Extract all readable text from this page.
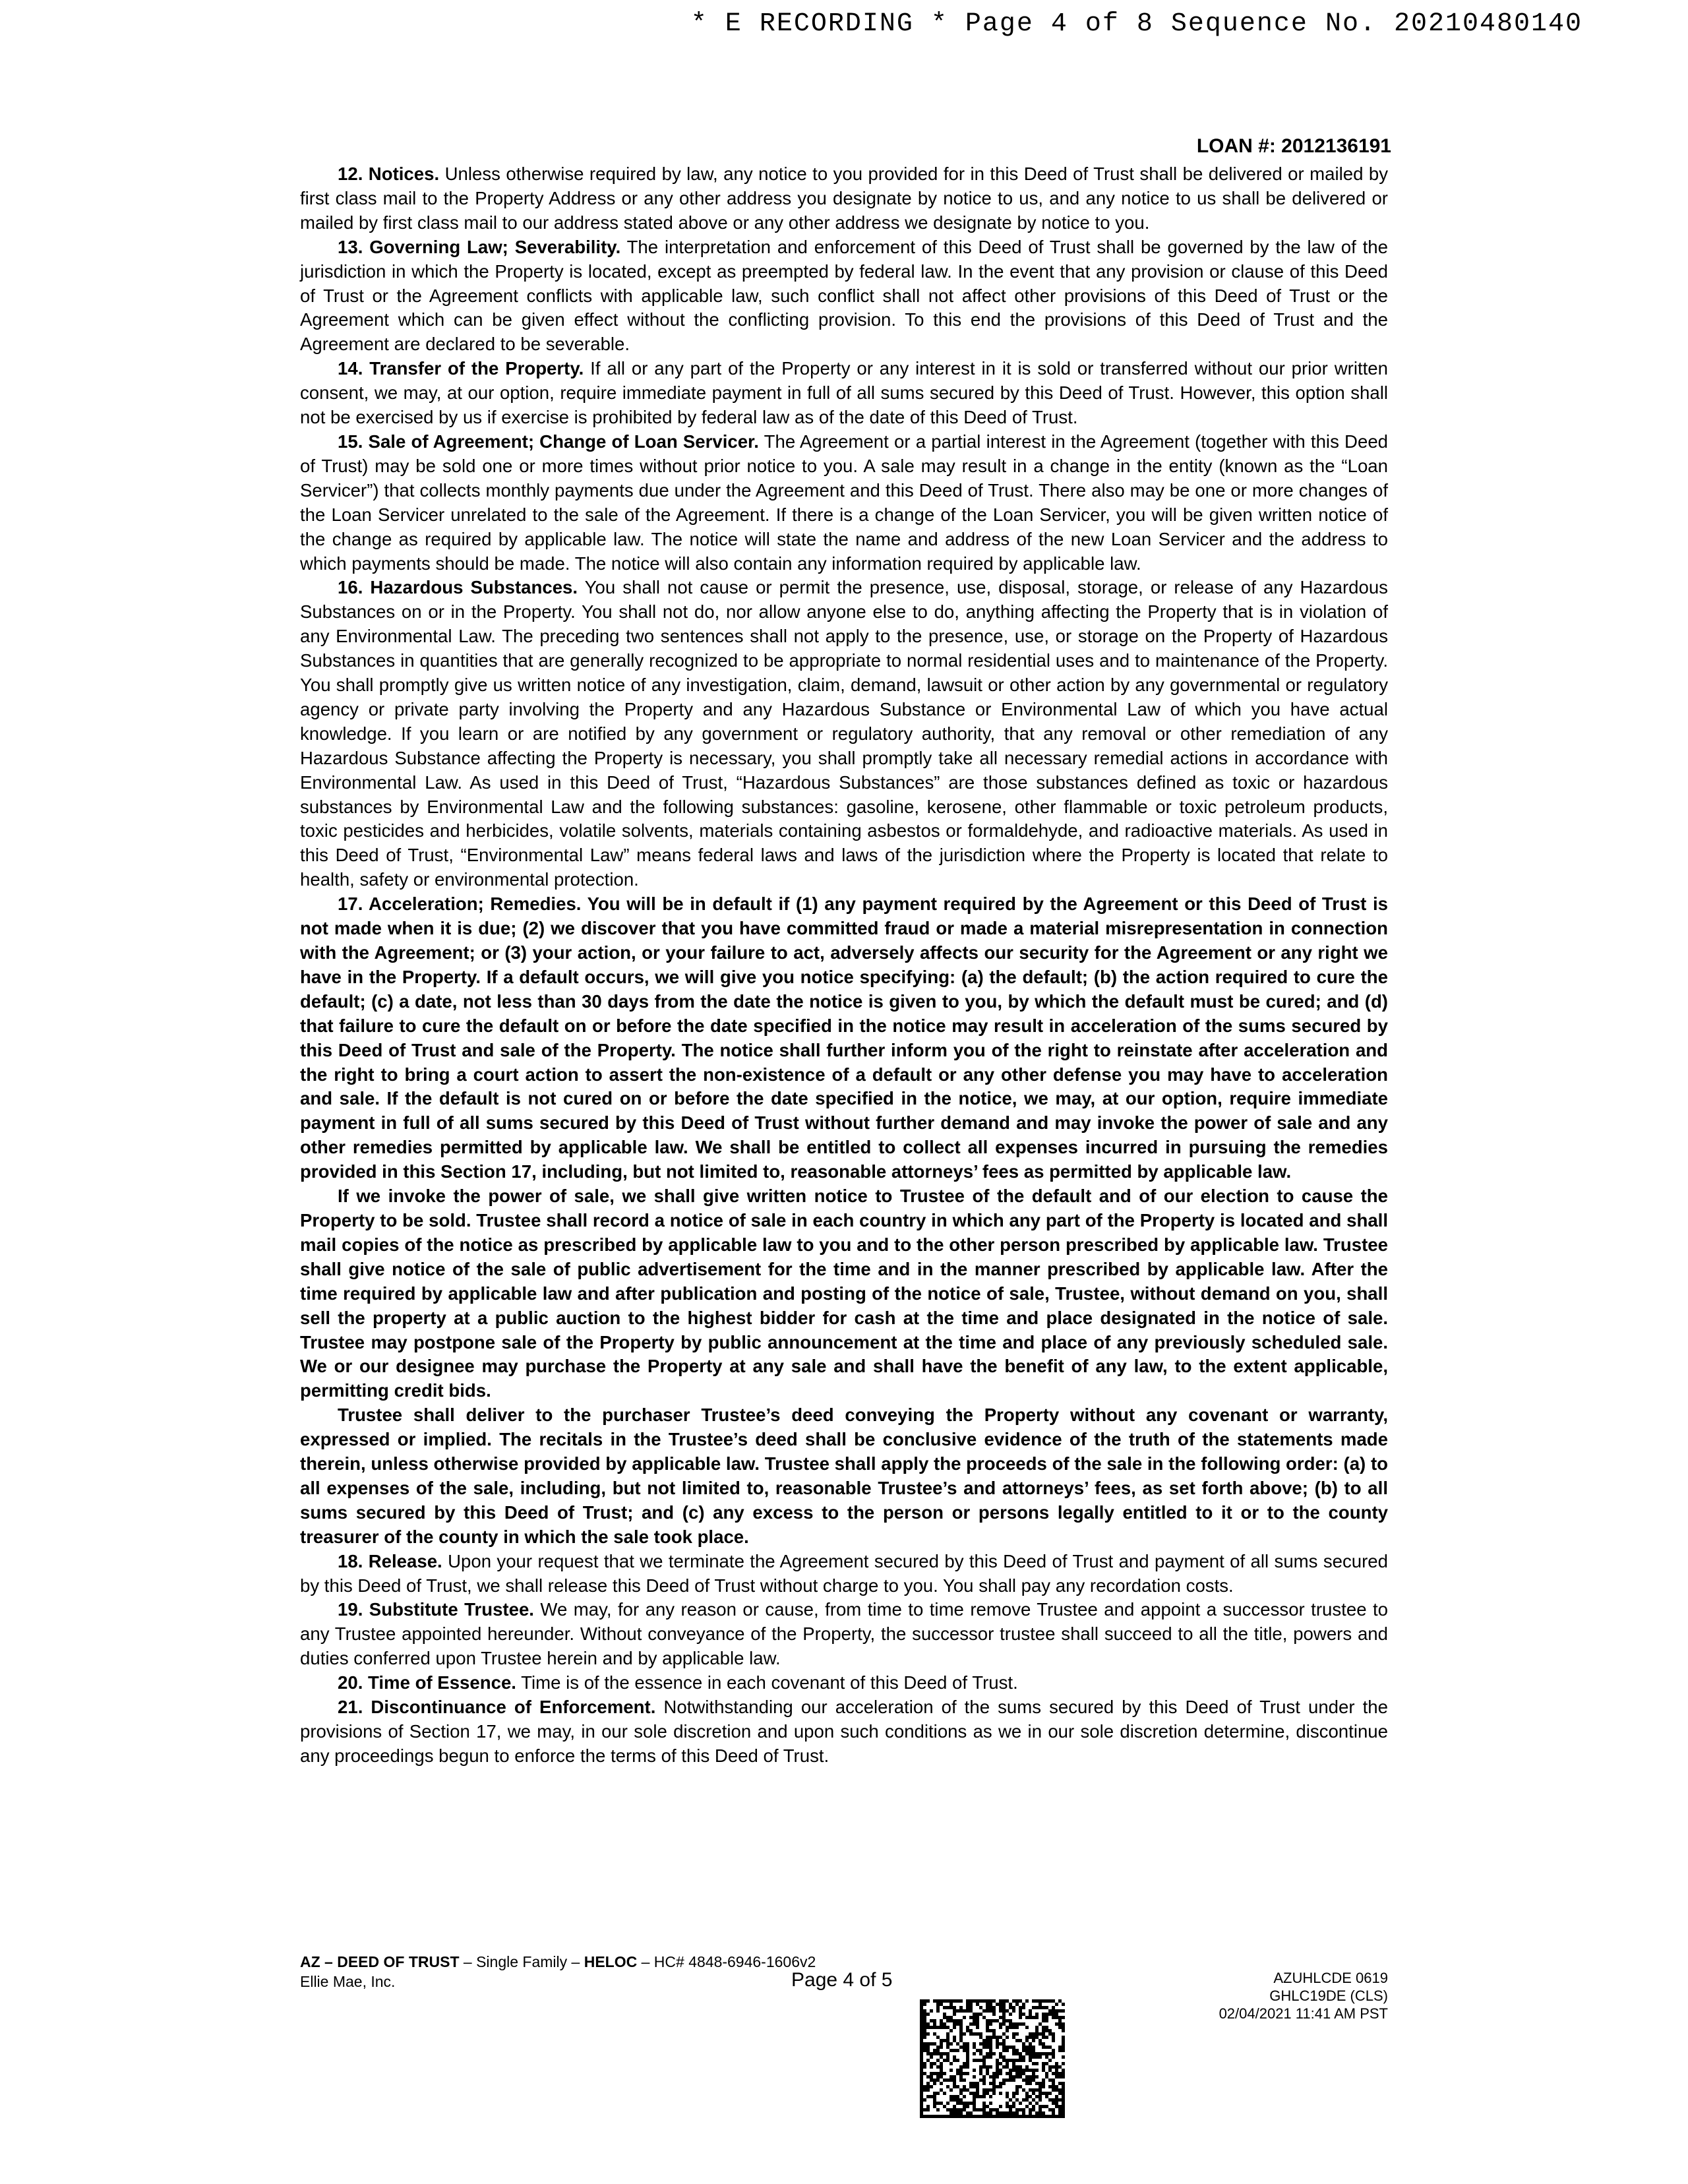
* E RECORDING * Page 4 of 8 Sequence No. 20210480140
LOAN #: 2012136191

12. Notices. Unless otherwise required by law, any notice to you provided for in this Deed of Trust shall be delivered or mailed by first class mail to the Property Address or any other address you designate by notice to us, and any notice to us shall be delivered or mailed by first class mail to our address stated above or any other address we designate by notice to you.

13. Governing Law; Severability. The interpretation and enforcement of this Deed of Trust shall be governed by the law of the jurisdiction in which the Property is located, except as preempted by federal law. In the event that any provision or clause of this Deed of Trust or the Agreement conflicts with applicable law, such conflict shall not affect other provisions of this Deed of Trust or the Agreement which can be given effect without the conflicting provision. To this end the provisions of this Deed of Trust and the Agreement are declared to be severable.

14. Transfer of the Property. If all or any part of the Property or any interest in it is sold or transferred without our prior written consent, we may, at our option, require immediate payment in full of all sums secured by this Deed of Trust. However, this option shall not be exercised by us if exercise is prohibited by federal law as of the date of this Deed of Trust.

15. Sale of Agreement; Change of Loan Servicer. The Agreement or a partial interest in the Agreement (together with this Deed of Trust) may be sold one or more times without prior notice to you. A sale may result in a change in the entity (known as the “Loan Servicer”) that collects monthly payments due under the Agreement and this Deed of Trust. There also may be one or more changes of the Loan Servicer unrelated to the sale of the Agreement. If there is a change of the Loan Servicer, you will be given written notice of the change as required by applicable law. The notice will state the name and address of the new Loan Servicer and the address to which payments should be made. The notice will also contain any information required by applicable law.

16. Hazardous Substances. You shall not cause or permit the presence, use, disposal, storage, or release of any Hazardous Substances on or in the Property. You shall not do, nor allow anyone else to do, anything affecting the Property that is in violation of any Environmental Law. The preceding two sentences shall not apply to the presence, use, or storage on the Property of Hazardous Substances in quantities that are generally recognized to be appropriate to normal residential uses and to maintenance of the Property. You shall promptly give us written notice of any investigation, claim, demand, lawsuit or other action by any governmental or regulatory agency or private party involving the Property and any Hazardous Substance or Environmental Law of which you have actual knowledge. If you learn or are notified by any government or regulatory authority, that any removal or other remediation of any Hazardous Substance affecting the Property is necessary, you shall promptly take all necessary remedial actions in accordance with Environmental Law. As used in this Deed of Trust, “Hazardous Substances” are those substances defined as toxic or hazardous substances by Environmental Law and the following substances: gasoline, kerosene, other flammable or toxic petroleum products, toxic pesticides and herbicides, volatile solvents, materials containing asbestos or formaldehyde, and radioactive materials. As used in this Deed of Trust, “Environmental Law” means federal laws and laws of the jurisdiction where the Property is located that relate to health, safety or environmental protection.

17. Acceleration; Remedies. You will be in default if (1) any payment required by the Agreement or this Deed of Trust is not made when it is due; (2) we discover that you have committed fraud or made a material misrepresentation in connection with the Agreement; or (3) your action, or your failure to act, adversely affects our security for the Agreement or any right we have in the Property. If a default occurs, we will give you notice specifying: (a) the default; (b) the action required to cure the default; (c) a date, not less than 30 days from the date the notice is given to you, by which the default must be cured; and (d) that failure to cure the default on or before the date specified in the notice may result in acceleration of the sums secured by this Deed of Trust and sale of the Property. The notice shall further inform you of the right to reinstate after acceleration and the right to bring a court action to assert the non-existence of a default or any other defense you may have to acceleration and sale. If the default is not cured on or before the date specified in the notice, we may, at our option, require immediate payment in full of all sums secured by this Deed of Trust without further demand and may invoke the power of sale and any other remedies permitted by applicable law. We shall be entitled to collect all expenses incurred in pursuing the remedies provided in this Section 17, including, but not limited to, reasonable attorneys’ fees as permitted by applicable law.

If we invoke the power of sale, we shall give written notice to Trustee of the default and of our election to cause the Property to be sold. Trustee shall record a notice of sale in each country in which any part of the Property is located and shall mail copies of the notice as prescribed by applicable law to you and to the other person prescribed by applicable law. Trustee shall give notice of the sale of public advertisement for the time and in the manner prescribed by applicable law. After the time required by applicable law and after publication and posting of the notice of sale, Trustee, without demand on you, shall sell the property at a public auction to the highest bidder for cash at the time and place designated in the notice of sale. Trustee may postpone sale of the Property by public announcement at the time and place of any previously scheduled sale. We or our designee may purchase the Property at any sale and shall have the benefit of any law, to the extent applicable, permitting credit bids.

Trustee shall deliver to the purchaser Trustee’s deed conveying the Property without any covenant or warranty, expressed or implied. The recitals in the Trustee’s deed shall be conclusive evidence of the truth of the statements made therein, unless otherwise provided by applicable law. Trustee shall apply the proceeds of the sale in the following order: (a) to all expenses of the sale, including, but not limited to, reasonable Trustee’s and attorneys’ fees, as set forth above; (b) to all sums secured by this Deed of Trust; and (c) any excess to the person or persons legally entitled to it or to the county treasurer of the county in which the sale took place.

18. Release. Upon your request that we terminate the Agreement secured by this Deed of Trust and payment of all sums secured by this Deed of Trust, we shall release this Deed of Trust without charge to you. You shall pay any recordation costs.

19. Substitute Trustee. We may, for any reason or cause, from time to time remove Trustee and appoint a successor trustee to any Trustee appointed hereunder. Without conveyance of the Property, the successor trustee shall succeed to all the title, powers and duties conferred upon Trustee herein and by applicable law.

20. Time of Essence. Time is of the essence in each covenant of this Deed of Trust.

21. Discontinuance of Enforcement. Notwithstanding our acceleration of the sums secured by this Deed of Trust under the provisions of Section 17, we may, in our sole discretion and upon such conditions as we in our sole discretion determine, discontinue any proceedings begun to enforce the terms of this Deed of Trust.

AZ – DEED OF TRUST – Single Family – HELOC – HC# 4848-6946-1606v2
Ellie Mae, Inc.	Page 4 of 5	AZUHLCDE 0619
GHLC19DE (CLS)
02/04/2021 11:41 AM PST
